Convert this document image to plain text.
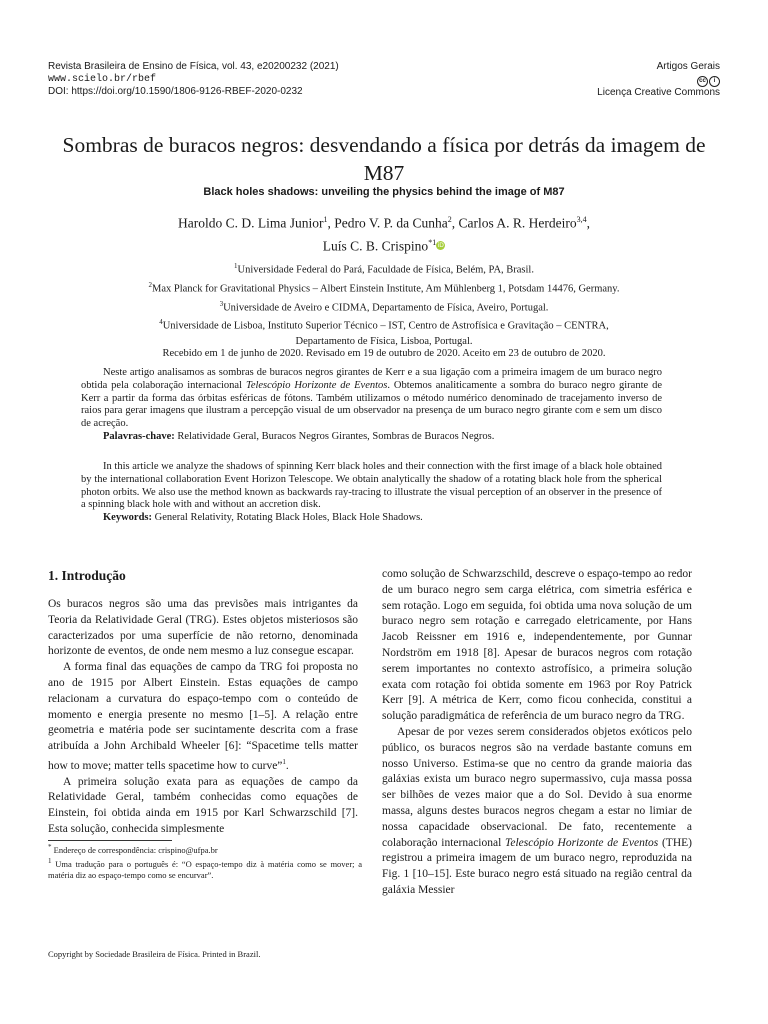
Revista Brasileira de Ensino de Física, vol. 43, e20200232 (2021)
www.scielo.br/rbef
DOI: https://doi.org/10.1590/1806-9126-RBEF-2020-0232
Artigos Gerais
cc	i
Licença Creative Commons
Sombras de buracos negros: desvendando a física por detrás da imagem de M87
Black holes shadows: unveiling the physics behind the image of M87
Haroldo C. D. Lima Junior$^1$, Pedro V. P. da Cunha$^2$, Carlos A. R. Herdeiro$^{3,4}$,
Luís C. B. Crispino$^{*1}$iD
$^1$Universidade Federal do Pará, Faculdade de Física, Belém, PA, Brasil.
$^2$Max Planck for Gravitational Physics – Albert Einstein Institute, Am Mühlenberg 1, Potsdam 14476, Germany.
$^3$Universidade de Aveiro e CIDMA, Departamento de Física, Aveiro, Portugal.
$^4$Universidade de Lisboa, Instituto Superior Técnico – IST, Centro de Astrofísica e Gravitação – CENTRA,
Departamento de Física, Lisboa, Portugal.
Recebido em 1 de junho de 2020. Revisado em 19 de outubro de 2020. Aceito em 23 de outubro de 2020.

Neste artigo analisamos as sombras de buracos negros girantes de Kerr e a sua ligação com a primeira imagem de um buraco negro obtida pela colaboração internacional Telescópio Horizonte de Eventos. Obtemos analiticamente a sombra do buraco negro girante de Kerr a partir da forma das órbitas esféricas de fótons. Também utilizamos o método numérico denominado de tracejamento inverso de raios para gerar imagens que ilustram a percepção visual de um observador na presença de um buraco negro girante com e sem um disco de acreção.

Palavras-chave: Relatividade Geral, Buracos Negros Girantes, Sombras de Buracos Negros.

In this article we analyze the shadows of spinning Kerr black holes and their connection with the first image of a black hole obtained by the international collaboration Event Horizon Telescope. We obtain analytically the shadow of a rotating black hole from the spherical photon orbits. We also use the method known as backwards ray-tracing to illustrate the visual perception of an observer in the presence of a spinning black hole with and without an accretion disk.

Keywords: General Relativity, Rotating Black Holes, Black Hole Shadows.

1. Introdução

Os buracos negros são uma das previsões mais intrigantes da Teoria da Relatividade Geral (TRG). Estes objetos misteriosos são caracterizados por uma superfície de não retorno, denominada horizonte de eventos, de onde nem mesmo a luz consegue escapar.

A forma final das equações de campo da TRG foi proposta no ano de 1915 por Albert Einstein. Estas equações de campo relacionam a curvatura do espaço-tempo com o conteúdo de momento e energia presente no mesmo [1–5]. A relação entre geometria e matéria pode ser sucintamente descrita com a frase atribuída a John Archibald Wheeler [6]: “Spacetime tells matter how to move; matter tells spacetime how to curve”$^1$.

A primeira solução exata para as equações de campo da Relatividade Geral, também conhecidas como equações de Einstein, foi obtida ainda em 1915 por Karl Schwarzschild [7]. Esta solução, conhecida simplesmente

como solução de Schwarzschild, descreve o espaço-tempo ao redor de um buraco negro sem carga elétrica, com simetria esférica e sem rotação. Logo em seguida, foi obtida uma nova solução de um buraco negro sem rotação e carregado eletricamente, por Hans Jacob Reissner em 1916 e, independentemente, por Gunnar Nordström em 1918 [8]. Apesar de buracos negros com rotação serem importantes no contexto astrofísico, a primeira solução exata com rotação foi obtida somente em 1963 por Roy Patrick Kerr [9]. A métrica de Kerr, como ficou conhecida, constitui a solução paradigmática de referência de um buraco negro da TRG.

Apesar de por vezes serem considerados objetos exóticos pelo público, os buracos negros são na verdade bastante comuns em nosso Universo. Estima-se que no centro da grande maioria das galáxias exista um buraco negro supermassivo, cuja massa possa ser bilhões de vezes maior que a do Sol. Devido à sua enorme massa, alguns destes buracos negros chegam a estar no limiar de nossa capacidade observacional. De fato, recentemente a colaboração internacional Telescópio Horizonte de Eventos (THE) registrou a primeira imagem de um buraco negro, reproduzida na Fig. 1 [10–15]. Este buraco negro está situado na região central da galáxia Messier

* Endereço de correspondência: crispino@ufpa.br

$^1$ Uma tradução para o português é: “O espaço-tempo diz à matéria como se mover; a matéria diz ao espaço-tempo como se encurvar”.

Copyright by Sociedade Brasileira de Física. Printed in Brazil.
